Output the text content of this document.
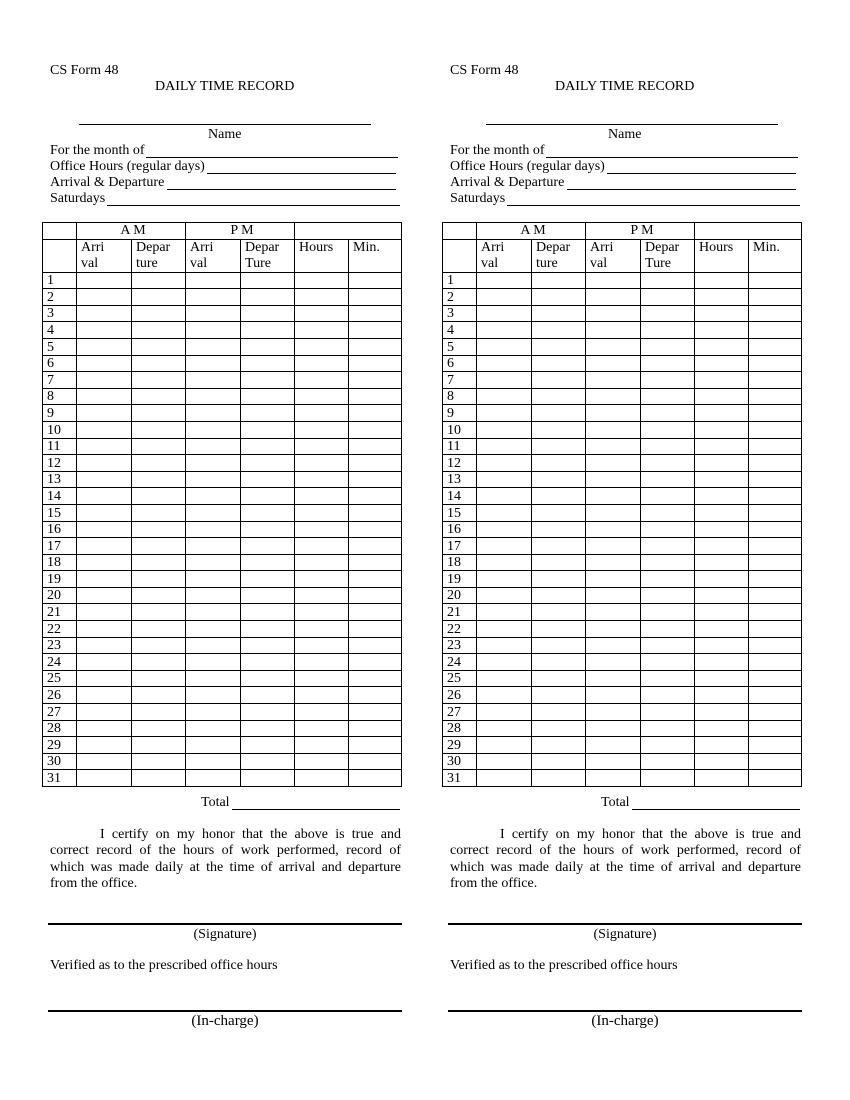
CS Form 48
DAILY TIME RECORD
Name
For the month of
Office Hours (regular days)
Arrival & Departure
Saturdays
	A M		P M			
	Arri	Depar	Arri	Depar	Hours	Min.
	val	ture	val	Ture		
1						
2						
3						
4						
5						
6						
7						
8						
9						
10						
11						
12						
13						
14						
15						
16						
17						
18						
19						
20						
21						
22						
23						
24						
25						
26						
27						
28						
29						
30						
31						
Total
I certify on my honor that the above is true and correct record of the hours of work performed, record of which was made daily at the time of arrival and departure from the office.
(Signature)
Verified as to the prescribed office hours
(In-charge)
CS Form 48
DAILY TIME RECORD
Name
For the month of
Office Hours (regular days)
Arrival & Departure
Saturdays
	A M		P M			
	Arri	Depar	Arri	Depar	Hours	Min.
	val	ture	val	Ture		
1						
2						
3						
4						
5						
6						
7						
8						
9						
10						
11						
12						
13						
14						
15						
16						
17						
18						
19						
20						
21						
22						
23						
24						
25						
26						
27						
28						
29						
30						
31						
Total
I certify on my honor that the above is true and correct record of the hours of work performed, record of which was made daily at the time of arrival and departure from the office.
(Signature)
Verified as to the prescribed office hours
(In-charge)
